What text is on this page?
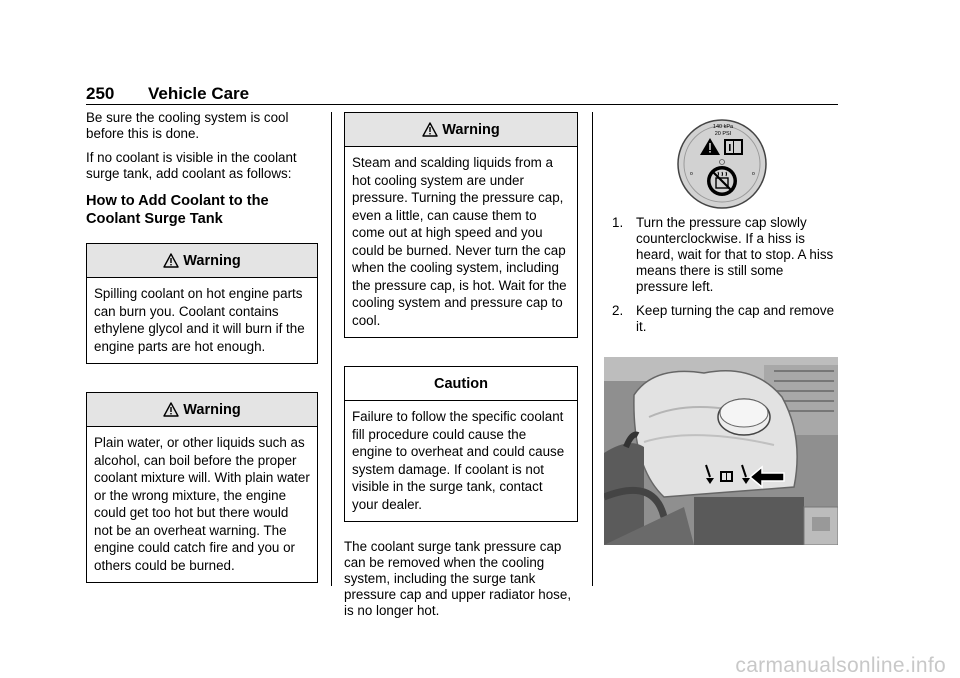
250 Vehicle Care

Be sure the cooling system is cool before this is done.

If no coolant is visible in the coolant surge tank, add coolant as follows:

How to Add Coolant to the Coolant Surge Tank
Warning
Spilling coolant on hot engine parts can burn you. Coolant contains ethylene glycol and it will burn if the engine parts are hot enough.
Warning
Plain water, or other liquids such as alcohol, can boil before the proper coolant mixture will. With plain water or the wrong mixture, the engine could get too hot but there would not be an overheat warning. The engine could catch fire and you or others could be burned.
Warning
Steam and scalding liquids from a hot cooling system are under pressure. Turning the pressure cap, even a little, can cause them to come out at high speed and you could be burned. Never turn the cap when the cooling system, including the pressure cap, is hot. Wait for the cooling system and pressure cap to cool.
Caution
Failure to follow the specific coolant fill procedure could cause the engine to overheat and could cause system damage. If coolant is not visible in the surge tank, contact your dealer.

The coolant surge tank pressure cap can be removed when the cooling system, including the surge tank pressure cap and upper radiator hose, is no longer hot.

140 kPa
20 PSI
o	o
1. Turn the pressure cap slowly counterclockwise. If a hiss is heard, wait for that to stop. A hiss means there is still some pressure left.
2. Keep turning the cap and remove it.
carmanualsonline.info
